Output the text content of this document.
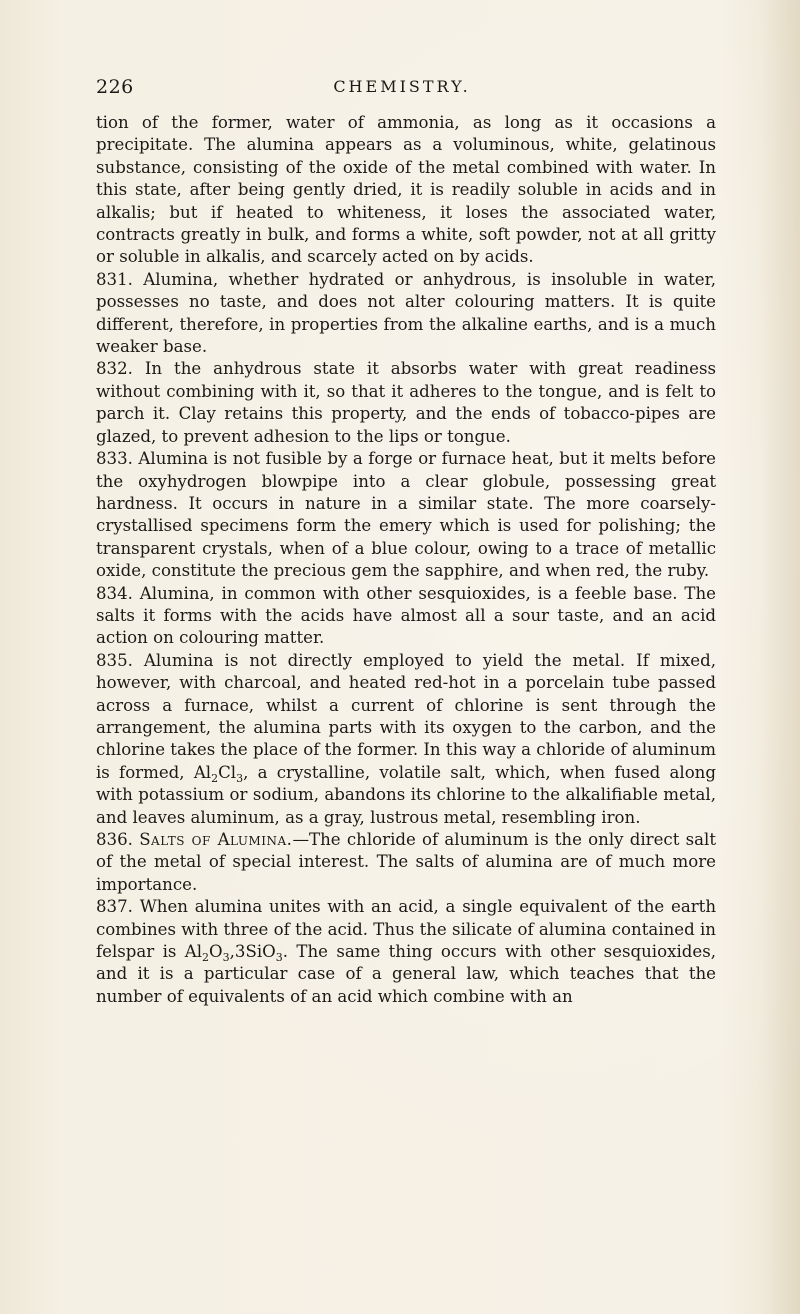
226	CHEMISTRY.

tion of the former, water of ammonia, as long as it occasions a precipitate. The alumina appears as a voluminous, white, gelatinous substance, consisting of the oxide of the metal combined with water. In this state, after being gently dried, it is readily soluble in acids and in alkalis; but if heated to whiteness, it loses the associated water, contracts greatly in bulk, and forms a white, soft powder, not at all gritty or soluble in alkalis, and scarcely acted on by acids.

831. Alumina, whether hydrated or anhydrous, is insoluble in water, possesses no taste, and does not alter colouring matters. It is quite different, therefore, in properties from the alkaline earths, and is a much weaker base.

832. In the anhydrous state it absorbs water with great readiness without combining with it, so that it adheres to the tongue, and is felt to parch it. Clay retains this property, and the ends of tobacco-pipes are glazed, to prevent adhesion to the lips or tongue.

833. Alumina is not fusible by a forge or furnace heat, but it melts before the oxyhydrogen blowpipe into a clear globule, possessing great hardness. It occurs in nature in a similar state. The more coarsely-crystallised specimens form the emery which is used for polishing; the transparent crystals, when of a blue colour, owing to a trace of metallic oxide, constitute the precious gem the sapphire, and when red, the ruby.

834. Alumina, in common with other sesquioxides, is a feeble base. The salts it forms with the acids have almost all a sour taste, and an acid action on colouring matter.

835. Alumina is not directly employed to yield the metal. If mixed, however, with charcoal, and heated red-hot in a porcelain tube passed across a furnace, whilst a current of chlorine is sent through the arrangement, the alumina parts with its oxygen to the carbon, and the chlorine takes the place of the former. In this way a chloride of aluminum is formed, $Al_2Cl_3$, a crystalline, volatile salt, which, when fused along with potassium or sodium, abandons its chlorine to the alkalifiable metal, and leaves aluminum, as a gray, lustrous metal, resembling iron.

836. Salts of Alumina.—The chloride of aluminum is the only direct salt of the metal of special interest. The salts of alumina are of much more importance.

837. When alumina unites with an acid, a single equivalent of the earth combines with three of the acid. Thus the silicate of alumina contained in felspar is $Al_2O_3,3SiO_3$. The same thing occurs with other sesquioxides, and it is a particular case of a general law, which teaches that the number of equivalents of an acid which combine with an
